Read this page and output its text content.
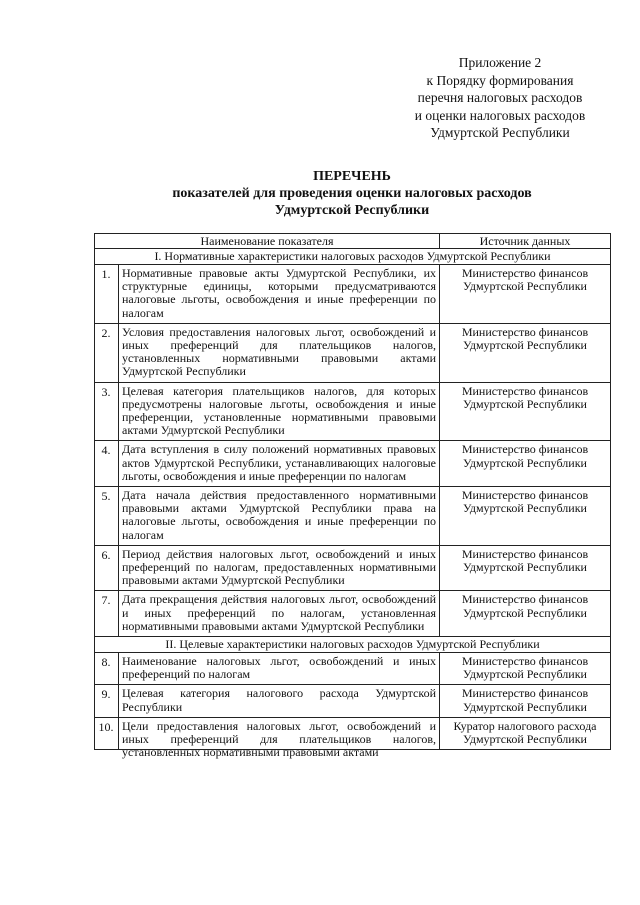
Приложение 2
к Порядку формирования
перечня налоговых расходов
и оценки налоговых расходов
Удмуртской Республики
ПЕРЕЧЕНЬ
показателей для проведения оценки налоговых расходов
Удмуртской Республики
Наименование показателя		Источник данных
I. Нормативные характеристики налоговых расходов Удмуртской Республики		
1.	Нормативные правовые акты Удмуртской Республики, их структурные единицы, которыми предусматриваются налоговые льготы, освобождения и иные преференции по налогам	Министерство финансов Удмуртской Республики
2.	Условия предоставления налоговых льгот, освобождений и иных преференций для плательщиков налогов, установленных нормативными правовыми актами Удмуртской Республики	Министерство финансов Удмуртской Республики
3.	Целевая категория плательщиков налогов, для которых предусмотрены налоговые льготы, освобождения и иные преференции, установленные нормативными правовыми актами Удмуртской Республики	Министерство финансов Удмуртской Республики
4.	Дата вступления в силу положений нормативных правовых актов Удмуртской Республики, устанавливающих налоговые льготы, освобождения и иные преференции по налогам	Министерство финансов Удмуртской Республики
5.	Дата начала действия предоставленного нормативными правовыми актами Удмуртской Республики права на налоговые льготы, освобождения и иные преференции по налогам	Министерство финансов Удмуртской Республики
6.	Период действия налоговых льгот, освобождений и иных преференций по налогам, предоставленных нормативными правовыми актами Удмуртской Республики	Министерство финансов Удмуртской Республики
7.	Дата прекращения действия налоговых льгот, освобождений и иных преференций по налогам, установленная нормативными правовыми актами Удмуртской Республики	Министерство финансов Удмуртской Республики
II. Целевые характеристики налоговых расходов Удмуртской Республики		
8.	Наименование налоговых льгот, освобождений и иных преференций по налогам	Министерство финансов Удмуртской Республики
9.	Целевая категория налогового расхода Удмуртской Республики	Министерство финансов Удмуртской Республики
10.	Цели предоставления налоговых льгот, освобождений и иных преференций для плательщиков налогов, установленных нормативными правовыми актами	Куратор налогового расхода Удмуртской Республики
